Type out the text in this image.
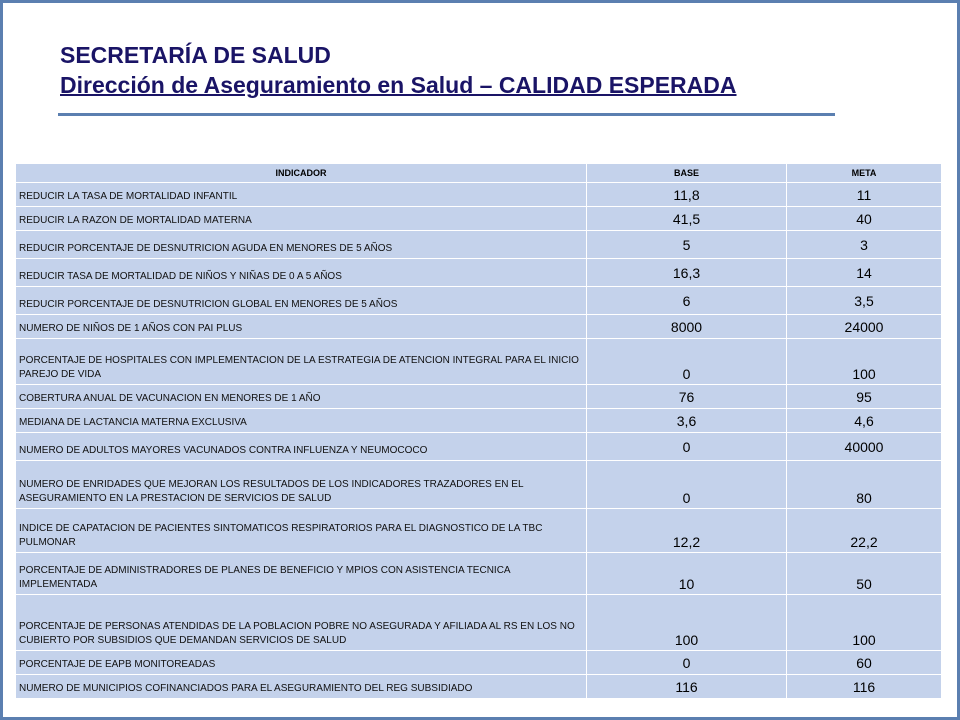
SECRETARÍA DE SALUD
Dirección de Aseguramiento en Salud – CALIDAD ESPERADA
INDICADOR	BASE	META
REDUCIR LA TASA DE MORTALIDAD INFANTIL	11,8	11
REDUCIR LA RAZON DE MORTALIDAD MATERNA	41,5	40
REDUCIR PORCENTAJE DE DESNUTRICION AGUDA EN MENORES DE 5 AÑOS	5	3
REDUCIR TASA DE MORTALIDAD DE NIÑOS Y NIÑAS DE 0 A 5 AÑOS	16,3	14
REDUCIR PORCENTAJE DE DESNUTRICION GLOBAL EN MENORES DE 5 AÑOS	6	3,5
NUMERO DE NIÑOS DE 1 AÑOS CON PAI PLUS	8000	24000
PORCENTAJE DE HOSPITALES CON IMPLEMENTACION DE LA ESTRATEGIA DE ATENCION INTEGRAL PARA EL INICIO PAREJO DE VIDA	0	100
COBERTURA ANUAL DE VACUNACION EN MENORES DE 1 AÑO	76	95
MEDIANA DE LACTANCIA MATERNA EXCLUSIVA	3,6	4,6
NUMERO DE ADULTOS MAYORES VACUNADOS CONTRA INFLUENZA Y NEUMOCOCO	0	40000
NUMERO DE ENRIDADES QUE MEJORAN LOS RESULTADOS DE LOS INDICADORES TRAZADORES EN EL ASEGURAMIENTO EN LA PRESTACION DE SERVICIOS DE SALUD	0	80
INDICE DE CAPATACION DE PACIENTES SINTOMATICOS RESPIRATORIOS PARA EL DIAGNOSTICO DE LA TBC PULMONAR	12,2	22,2
PORCENTAJE DE ADMINISTRADORES DE PLANES DE BENEFICIO Y MPIOS CON ASISTENCIA TECNICA IMPLEMENTADA	10	50
PORCENTAJE DE PERSONAS ATENDIDAS DE LA POBLACION POBRE NO ASEGURADA Y AFILIADA AL RS EN LOS NO CUBIERTO POR SUBSIDIOS QUE DEMANDAN SERVICIOS DE SALUD	100	100
PORCENTAJE DE EAPB MONITOREADAS	0	60
NUMERO DE MUNICIPIOS COFINANCIADOS PARA EL ASEGURAMIENTO DEL REG SUBSIDIADO	116	116
